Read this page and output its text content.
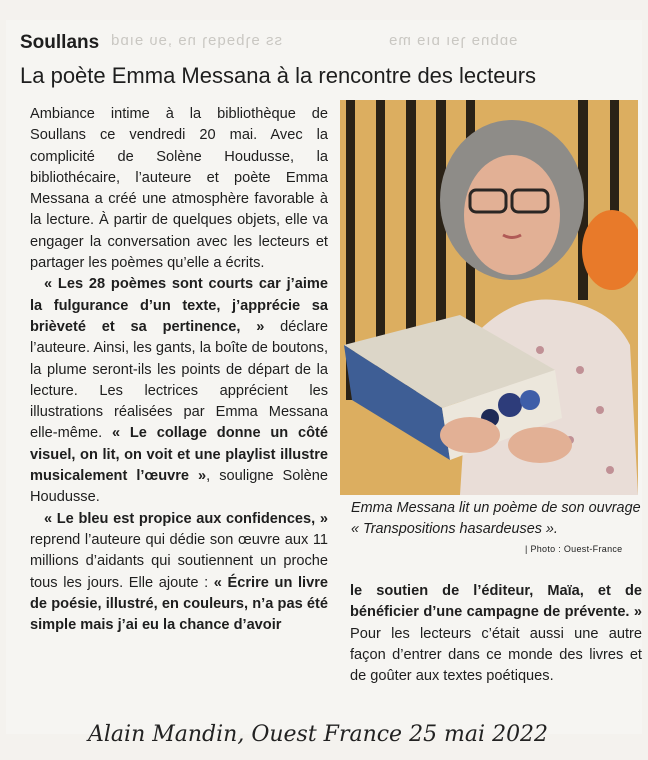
ss ɘɿbɘqɘɿ nɘ ,ɘυ ɘıɒd	ɘɒbnɘ ɿɘı ɒıɘ mɘ
Soullans
La poète Emma Messana à la rencontre des lecteurs

Ambiance intime à la bibliothèque de Soullans ce vendredi 20 mai. Avec la complicité de Solène Houdusse, la bibliothécaire, l’auteure et poète Emma Messana a créé une atmosphère favorable à la lecture. À partir de quelques objets, elle va engager la conversation avec les lecteurs et partager les poèmes qu’elle a écrits.

« Les 28 poèmes sont courts car j’aime la fulgurance d’un texte, j’apprécie sa brièveté et sa pertinence, » déclare l’auteure. Ainsi, les gants, la boîte de boutons, la plume seront-ils les points de départ de la lecture. Les lectrices apprécient les illustrations réalisées par Emma Messana elle-même. « Le collage donne un côté visuel, on lit, on voit et une playlist illustre musicalement l’œuvre », souligne Solène Houdusse.

« Le bleu est propice aux confidences, » reprend l’auteure qui dédie son œuvre aux 11 millions d’aidants qui soutiennent un proche tous les jours. Elle ajoute : « Écrire un livre de poésie, illustré, en couleurs, n’a pas été simple mais j’ai eu la chance d’avoir

Emma Messana lit un poème de son ouvrage « Transpositions hasardeuses ».
| Photo : Ouest-France

le soutien de l’éditeur, Maïa, et de bénéficier d’une campagne de prévente. » Pour les lecteurs c’était aussi une autre façon d’entrer dans ce monde des livres et de goûter aux textes poétiques.

Alain Mandin, Ouest France 25 mai 2022
